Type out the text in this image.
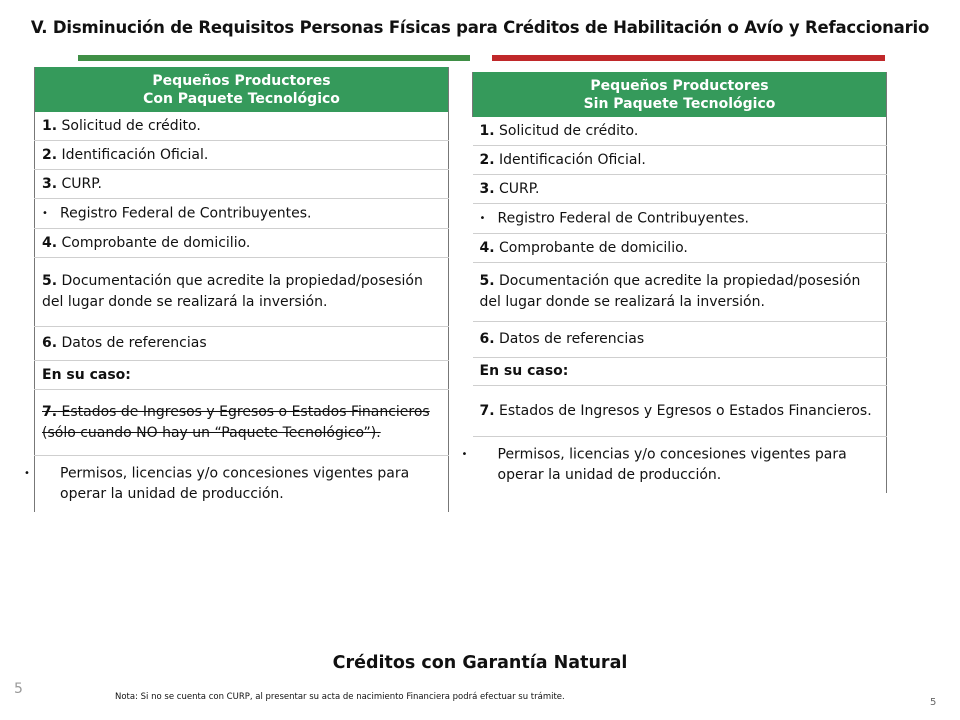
V. Disminución de Requisitos Personas Físicas para Créditos de Habilitación o Avío y Refaccionario
Pequeños Productores
Con Paquete Tecnológico

1. Solicitud de crédito.
2. Identificación Oficial.
3. CURP.
• Registro Federal de Contribuyentes.
4. Comprobante de domicilio.
5. Documentación que acredite la propiedad/posesión del lugar donde se realizará la inversión.
6. Datos de referencias
En su caso:
7. Estados de Ingresos y Egresos o Estados Financieros (sólo cuando NO hay un “Paquete Tecnológico”).
• Permisos, licencias y/o concesiones vigentes para operar la unidad de producción.
Pequeños Productores
Sin Paquete Tecnológico

1. Solicitud de crédito.
2. Identificación Oficial.
3. CURP.
• Registro Federal de Contribuyentes.
4. Comprobante de domicilio.
5. Documentación que acredite la propiedad/posesión del lugar donde se realizará la inversión.
6. Datos de referencias
En su caso:
7. Estados de Ingresos y Egresos o Estados Financieros.
• Permisos, licencias y/o concesiones vigentes para operar la unidad de producción.
Créditos con Garantía Natural
5	Nota: Si no se cuenta con CURP, al presentar su acta de nacimiento Financiera podrá efectuar su trámite.	5
